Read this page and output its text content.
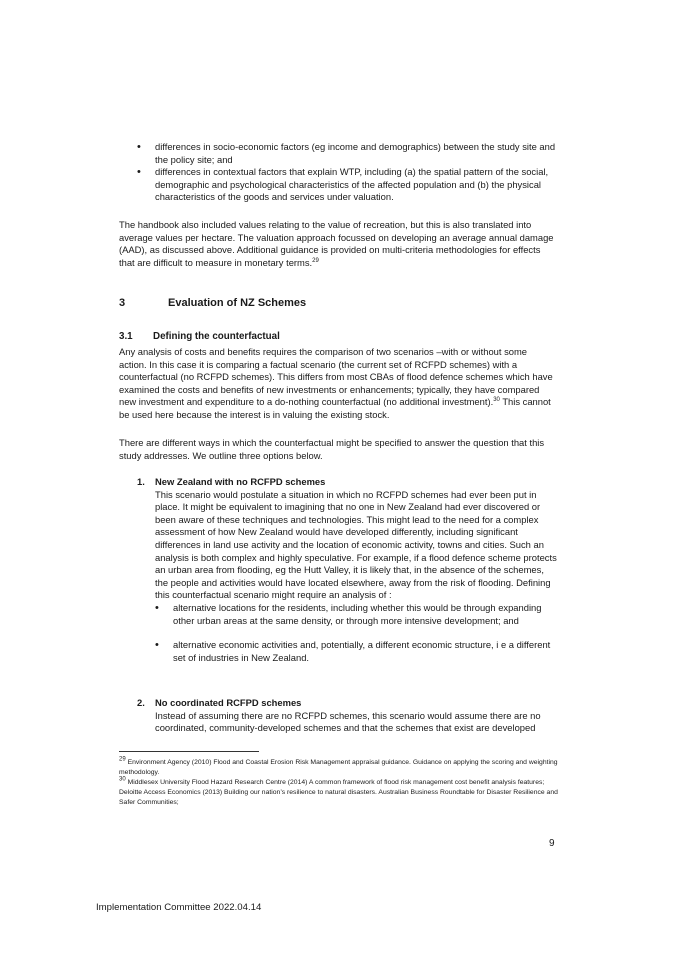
• differences in socio-economic factors (eg income and demographics) between the study site and the policy site; and
• differences in contextual factors that explain WTP, including (a) the spatial pattern of the social, demographic and psychological characteristics of the affected population and (b) the physical characteristics of the goods and services under valuation.

The handbook also included values relating to the value of recreation, but this is also translated into average values per hectare. The valuation approach focussed on developing an average annual damage (AAD), as discussed above. Additional guidance is provided on multi-criteria methodologies for effects that are difficult to measure in monetary terms.$^{29}$

3	Evaluation of NZ Schemes
3.1 Defining the counterfactual

Any analysis of costs and benefits requires the comparison of two scenarios –with or without some action. In this case it is comparing a factual scenario (the current set of RCFPD schemes) with a counterfactual (no RCFPD schemes). This differs from most CBAs of flood defence schemes which have examined the costs and benefits of new investments or enhancements; typically, they have compared new investment and expenditure to a do-nothing counterfactual (no additional investment).$^{30}$ This cannot be used here because the interest is in valuing the existing stock.

There are different ways in which the counterfactual might be specified to answer the question that this study addresses. We outline three options below.

1. New Zealand with no RCFPD schemes
This scenario would postulate a situation in which no RCFPD schemes had ever been put in place. It might be equivalent to imagining that no one in New Zealand had ever discovered or been aware of these techniques and technologies. This might lead to the need for a complex assessment of how New Zealand would have developed differently, including significant differences in land use activity and the location of economic activity, towns and cities. Such an analysis is both complex and highly speculative. For example, if a flood defence scheme protects an urban area from flooding, eg the Hutt Valley, it is likely that, in the absence of the schemes, the people and activities would have located elsewhere, away from the risk of flooding. Defining this counterfactual scenario might require an analysis of :
• alternative locations for the residents, including whether this would be through expanding other urban areas at the same density, or through more intensive development; and
• alternative economic activities and, potentially, a different economic structure, i e a different set of industries in New Zealand.
2. No coordinated RCFPD schemes
Instead of assuming there are no RCFPD schemes, this scenario would assume there are no coordinated, community-developed schemes and that the schemes that exist are developed
$^{29}$ Environment Agency (2010) Flood and Coastal Erosion Risk Management appraisal guidance. Guidance on applying the scoring and weighting methodology.
$^{30}$ Middlesex University Flood Hazard Research Centre (2014) A common framework of flood risk management cost benefit analysis features; Deloitte Access Economics (2013) Building our nation’s resilience to natural disasters. Australian Business Roundtable for Disaster Resilience and Safer Communities;
9
Implementation Committee 2022.04.14
